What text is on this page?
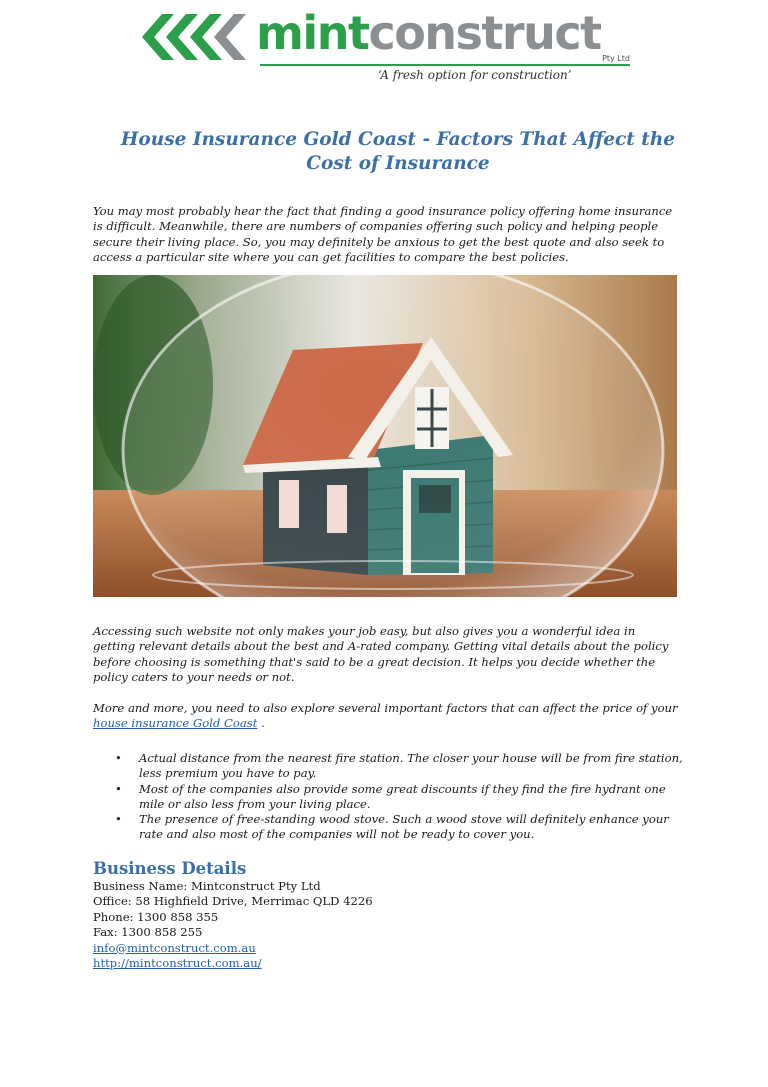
mintconstruct Pty Ltd
‘A fresh option for construction’
House Insurance Gold Coast - Factors That Affect the Cost of Insurance

You may most probably hear the fact that finding a good insurance policy offering home insurance is difficult. Meanwhile, there are numbers of companies offering such policy and helping people secure their living place. So, you may definitely be anxious to get the best quote and also seek to access a particular site where you can get facilities to compare the best policies.

Accessing such website not only makes your job easy, but also gives you a wonderful idea in getting relevant details about the best and A-rated company. Getting vital details about the policy before choosing is something that's said to be a great decision. It helps you decide whether the policy caters to your needs or not.

More and more, you need to also explore several important factors that can affect the price of your house insurance Gold Coast .

• Actual distance from the nearest fire station. The closer your house will be from fire station, less premium you have to pay.
• Most of the companies also provide some great discounts if they find the fire hydrant one mile or also less from your living place.
• The presence of free-standing wood stove. Such a wood stove will definitely enhance your rate and also most of the companies will not be ready to cover you.
Business Details
Business Name: Mintconstruct Pty Ltd
Office: 58 Highfield Drive, Merrimac QLD 4226
Phone: 1300 858 355
Fax: 1300 858 255
info@mintconstruct.com.au
http://mintconstruct.com.au/
